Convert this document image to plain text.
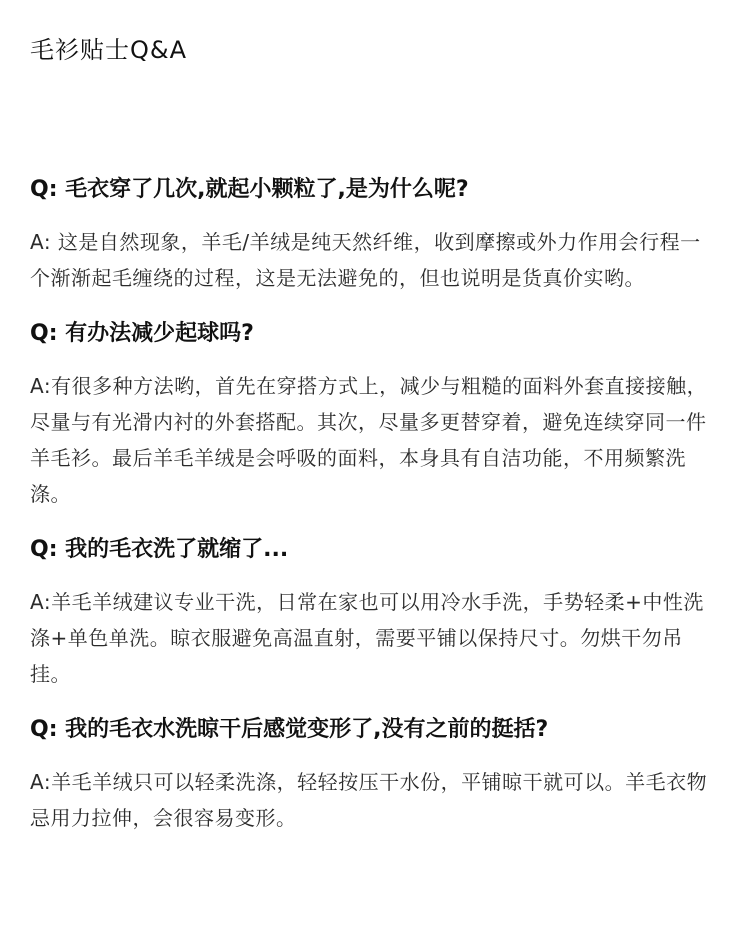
毛衫贴士Q&A
Q: 毛衣穿了几次,就起小颗粒了,是为什么呢?
A: 这是自然现象，羊毛/羊绒是纯天然纤维，收到摩擦或外力作用会行程一个渐渐起毛缠绕的过程，这是无法避免的，但也说明是货真价实哟。
Q: 有办法减少起球吗?
A:有很多种方法哟，首先在穿搭方式上，减少与粗糙的面料外套直接接触，尽量与有光滑内衬的外套搭配。其次，尽量多更替穿着，避免连续穿同一件羊毛衫。最后羊毛羊绒是会呼吸的面料，本身具有自洁功能，不用频繁洗涤。
Q: 我的毛衣洗了就缩了...
A:羊毛羊绒建议专业干洗，日常在家也可以用冷水手洗，手势轻柔+中性洗涤+单色单洗。晾衣服避免高温直射，需要平铺以保持尺寸。勿烘干勿吊挂。
Q: 我的毛衣水洗晾干后感觉变形了,没有之前的挺括?
A:羊毛羊绒只可以轻柔洗涤，轻轻按压干水份，平铺晾干就可以。羊毛衣物忌用力拉伸，会很容易变形。
